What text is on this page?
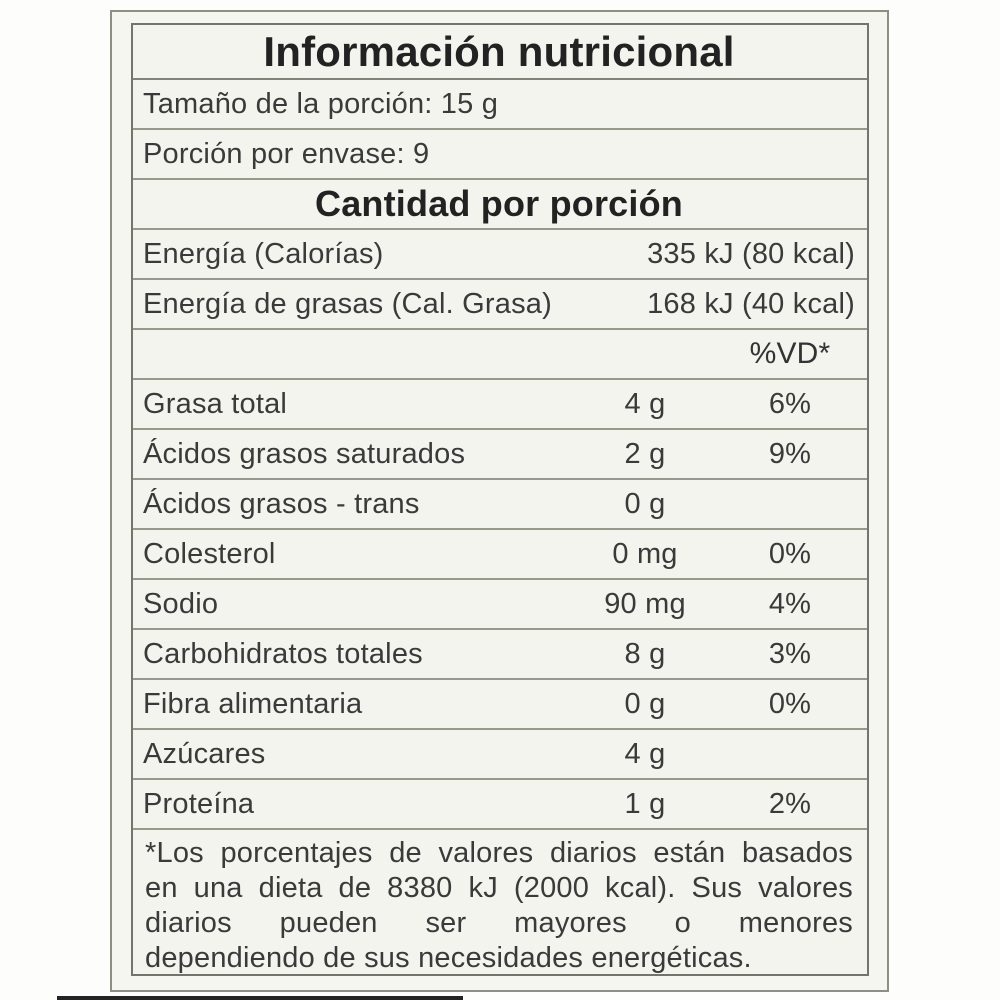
Información nutricional
Tamaño de la porción: 15 g
Porción por envase: 9
Cantidad por porción
Energía (Calorías)	335 kJ (80 kcal)
Energía de grasas (Cal. Grasa)	168 kJ (40 kcal)
%VD*
Grasa total	4 g	6%
Ácidos grasos saturados	2 g	9%
Ácidos grasos - trans	0 g
Colesterol	0 mg	0%
Sodio	90 mg	4%
Carbohidratos totales	8 g	3%
Fibra alimentaria	0 g	0%
Azúcares	4 g
Proteína	1 g	2%
*Los porcentajes de valores diarios están basados
en una dieta de 8380 kJ (2000 kcal). Sus valores
diarios pueden ser mayores o menores
dependiendo de sus necesidades energéticas.
